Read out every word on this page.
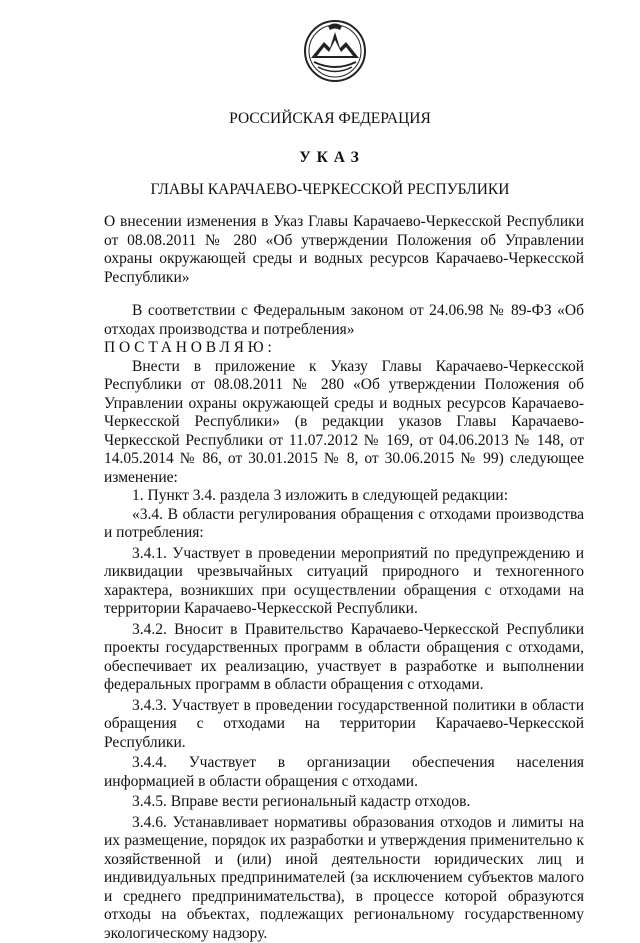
РОССИЙСКАЯ ФЕДЕРАЦИЯ
УКАЗ
ГЛАВЫ КАРАЧАЕВО-ЧЕРКЕССКОЙ РЕСПУБЛИКИ
О внесении изменения в Указ Главы Карачаево-Черкесской Республики от 08.08.2011 № 280 «Об утверждении Положения об Управлении охраны окружающей среды и водных ресурсов Карачаево-Черкесской Республики»

В соответствии с Федеральным законом от 24.06.98 № 89-ФЗ «Об отходах производства и потребления»

ПОСТАНОВЛЯЮ:

Внести в приложение к Указу Главы Карачаево-Черкесской Республики от 08.08.2011 № 280 «Об утверждении Положения об Управлении охраны окружающей среды и водных ресурсов Карачаево-Черкесской Республики» (в редакции указов Главы Карачаево-Черкесской Республики от 11.07.2012 № 169, от 04.06.2013 № 148, от 14.05.2014 № 86, от 30.01.2015 № 8, от 30.06.2015 № 99) следующее изменение:

1. Пункт 3.4. раздела 3 изложить в следующей редакции:

«3.4. В области регулирования обращения с отходами производства и потребления:

3.4.1. Участвует в проведении мероприятий по предупреждению и ликвидации чрезвычайных ситуаций природного и техногенного характера, возникших при осуществлении обращения с отходами на территории Карачаево-Черкесской Республики.

3.4.2. Вносит в Правительство Карачаево-Черкесской Республики проекты государственных программ в области обращения с отходами, обеспечивает их реализацию, участвует в разработке и выполнении федеральных программ в области обращения с отходами.

3.4.3. Участвует в проведении государственной политики в области обращения с отходами на территории Карачаево-Черкесской Республики.

3.4.4. Участвует в организации обеспечения населения информацией в области обращения с отходами.

3.4.5. Вправе вести региональный кадастр отходов.

3.4.6. Устанавливает нормативы образования отходов и лимиты на их размещение, порядок их разработки и утверждения применительно к хозяйственной и (или) иной деятельности юридических лиц и индивидуальных предпринимателей (за исключением субъектов малого и среднего предпринимательства), в процессе которой образуются отходы на объектах, подлежащих региональному государственному экологическому надзору.
